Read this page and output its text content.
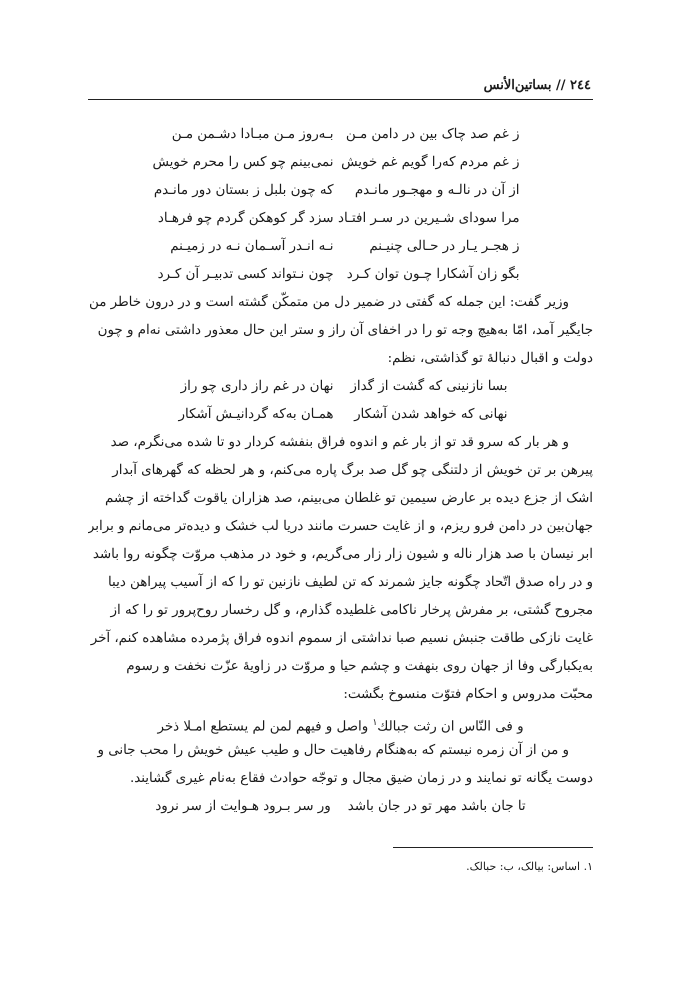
٢٤٤ // بساتين‌الأنس
ز غم صد چاک بین در دامن مـن
بـه‌روز مـن مبـادا دشـمن مـن
ز غم مردم که‌را گویم غم خویش
نمی‌بینم چو کس را محرم خویش
از آن در نالـه و مهجـور مانـدم
که چون بلبل ز بستان دور مانـدم
مرا سودای شـیرین در سـر افتـاد
سزد گر کوهکن گردم چو فرهـاد
ز هجـر یـار در حـالی چنیـنم
نـه انـدر آسـمان نـه در زمیـنم
بگو زان آشکارا چـون توان کـرد
چون نـتواند کسی تدبیـر آن کـرد

وزیر گفت: این جمله که گفتی در ضمیر دل من متمکّن گشته است و در درون خاطر من

جایگیر آمد، امّا به‌هیچ وجه تو را در اخفای آن راز و ستر این حال معذور داشتی نه‌ام و چون

دولت و اقبال دنبالهٔ تو گذاشتی، نظم:

بسا نازنینی که گشت از گداز
نهان در غم راز داری چو راز
نهانی که خواهد شدن آشکار
همـان به‌که گردانیـش آشکار

و هر بار که سرو قد تو از بار غم و اندوه فراق بنفشه کردار دو تا شده می‌نگرم، صد

پیرهن بر تن خویش از دلتنگی چو گل صد برگ پاره می‌کنم، و هر لحظه که گهرهای آبدار

اشک از جزع دیده بر عارض سیمین تو غلطان می‌بینم، صد هزاران یاقوت گداخته از چشم

جهان‌بین در دامن فرو ریزم، و از غایت حسرت مانند دریا لب خشک و دیده‌تر می‌مانم و برابر

ابر نیسان با صد هزار ناله و شیون زار زار می‌گریم، و خود در مذهب مروّت چگونه روا باشد

و در راه صدق اتّحاد چگونه جایز شمرند که تن لطیف نازنین تو را که از آسیب پیراهن دیبا

مجروح گشتی، بر مفرش پرخار ناکامی غلطیده گذارم، و گل رخسار روح‌پرور تو را که از

غایت نازکی طاقت جنبش نسیم صبا نداشتی از سموم اندوه فراق پژمرده مشاهده کنم، آخر

به‌یکبارگی وفا از جهان روی بنهفت و چشم حیا و مروّت در زاویهٔ عزّت نخفت و رسوم

محبّت مدروس و احکام فتوّت منسوخ بگشت:

و فى النّاس ان رثت جبالك$^١$ واصل و فيهم لمن لم يستطع امـلا ذخر

و من از آن زمره نیستم که به‌هنگام رفاهیت حال و طیب عیش خویش را محب جانی و

دوست یگانه تو نمایند و در زمان ضیق مجال و توجّه حوادث فقاع به‌نام غیری گشایند.

تا جان باشد مهر تو در جان باشد    ور سر بـرود هـوایت از سر نرود
١. اساس: بیالک، ب: حبالک.
